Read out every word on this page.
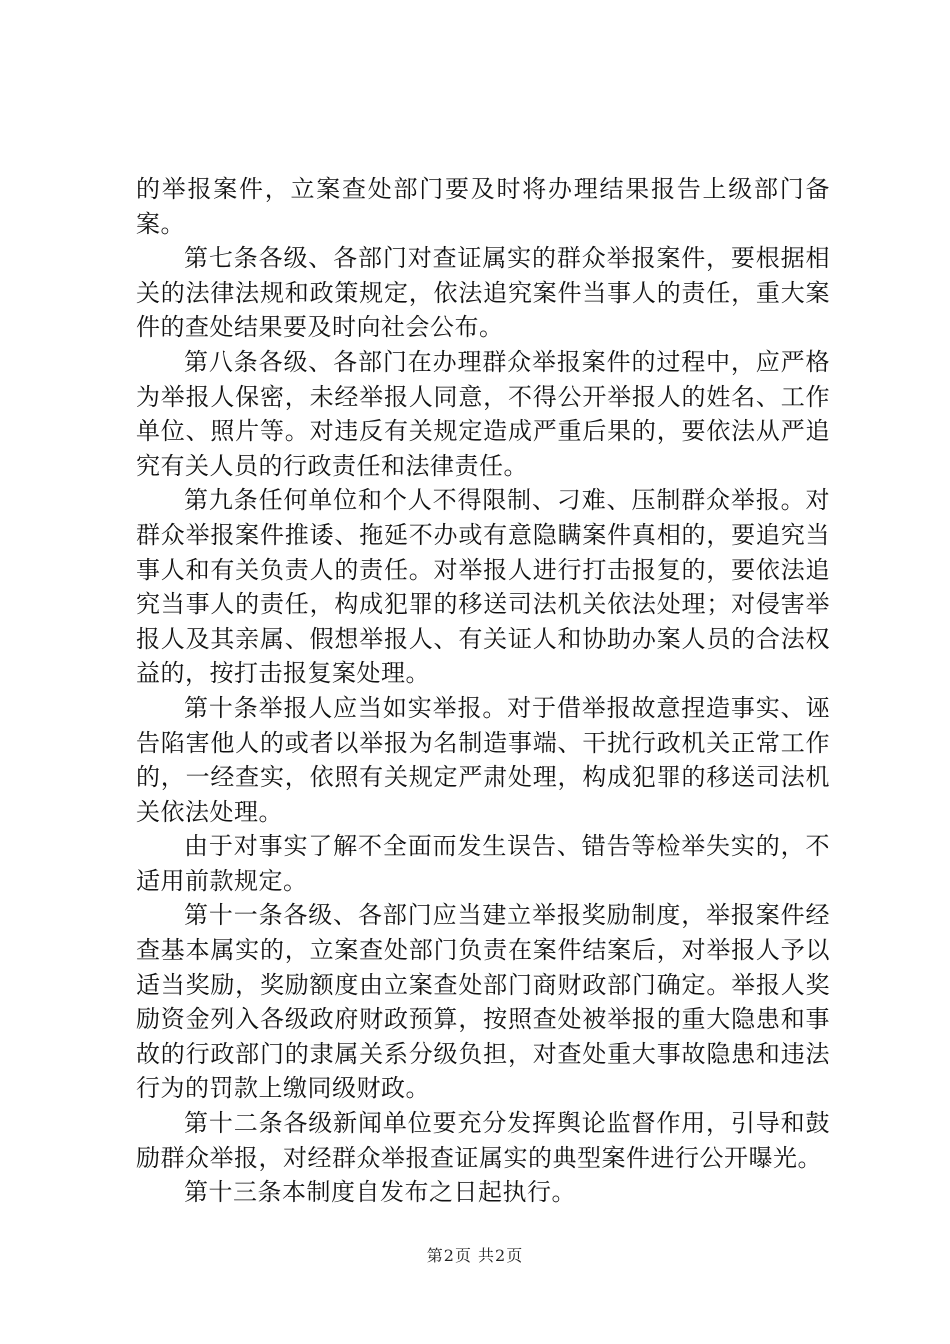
的举报案件，立案查处部门要及时将办理结果报告上级部门备案。

第七条各级、各部门对查证属实的群众举报案件，要根据相关的法律法规和政策规定，依法追究案件当事人的责任，重大案件的查处结果要及时向社会公布。

第八条各级、各部门在办理群众举报案件的过程中，应严格为举报人保密，未经举报人同意，不得公开举报人的姓名、工作单位、照片等。对违反有关规定造成严重后果的，要依法从严追究有关人员的行政责任和法律责任。

第九条任何单位和个人不得限制、刁难、压制群众举报。对群众举报案件推诿、拖延不办或有意隐瞒案件真相的，要追究当事人和有关负责人的责任。对举报人进行打击报复的，要依法追究当事人的责任，构成犯罪的移送司法机关依法处理；对侵害举报人及其亲属、假想举报人、有关证人和协助办案人员的合法权益的，按打击报复案处理。

第十条举报人应当如实举报。对于借举报故意捏造事实、诬告陷害他人的或者以举报为名制造事端、干扰行政机关正常工作的，一经查实，依照有关规定严肃处理，构成犯罪的移送司法机关依法处理。

由于对事实了解不全面而发生误告、错告等检举失实的，不适用前款规定。

第十一条各级、各部门应当建立举报奖励制度，举报案件经查基本属实的，立案查处部门负责在案件结案后，对举报人予以适当奖励，奖励额度由立案查处部门商财政部门确定。举报人奖励资金列入各级政府财政预算，按照查处被举报的重大隐患和事故的行政部门的隶属关系分级负担，对查处重大事故隐患和违法行为的罚款上缴同级财政。

第十二条各级新闻单位要充分发挥舆论监督作用，引导和鼓励群众举报，对经群众举报查证属实的典型案件进行公开曝光。

第十三条本制度自发布之日起执行。

第2页 共2页
